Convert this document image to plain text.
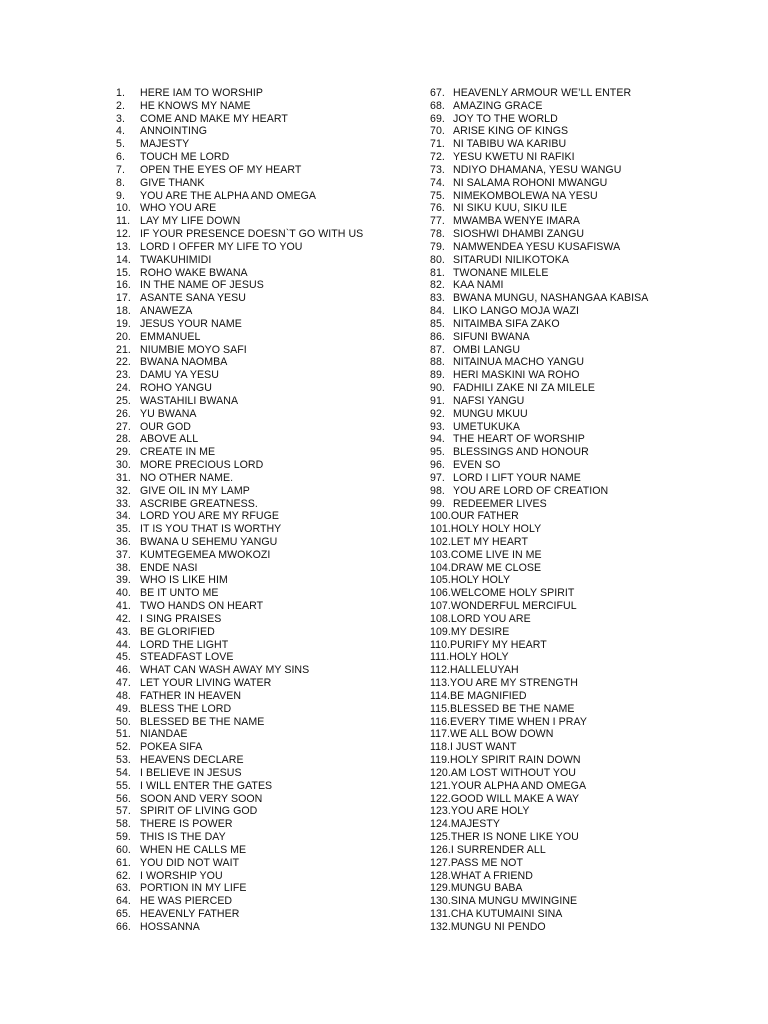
1.	HERE IAM TO WORSHIP
2.	HE KNOWS MY NAME
3.	COME AND MAKE MY HEART
4.	ANNOINTING
5.	MAJESTY
6.	TOUCH ME LORD
7.	OPEN THE EYES OF MY HEART
8.	GIVE THANK
9.	YOU ARE THE ALPHA AND OMEGA
10. WHO YOU ARE
11. LAY MY LIFE DOWN
12. IF YOUR PRESENCE DOESN`T GO WITH US
13. LORD I OFFER MY LIFE TO YOU
14. TWAKUHIMIDI
15. ROHO WAKE BWANA
16. IN THE NAME OF JESUS
17. ASANTE SANA YESU
18. ANAWEZA
19. JESUS YOUR NAME
20. EMMANUEL
21. NIUMBIE MOYO SAFI
22. BWANA NAOMBA
23. DAMU YA YESU
24. ROHO YANGU
25. WASTAHILI BWANA
26. YU BWANA
27. OUR GOD
28. ABOVE ALL
29. CREATE IN ME
30. MORE PRECIOUS LORD
31. NO OTHER NAME.
32. GIVE OIL IN MY LAMP
33. ASCRIBE GREATNESS.
34. LORD YOU ARE MY RFUGE
35. IT IS YOU THAT IS WORTHY
36. BWANA U SEHEMU YANGU
37. KUMTEGEMEA MWOKOZI
38. ENDE NASI
39. WHO IS LIKE HIM
40. BE IT UNTO ME
41. TWO HANDS ON HEART
42. I SING PRAISES
43. BE GLORIFIED
44. LORD THE LIGHT
45. STEADFAST LOVE
46. WHAT CAN WASH AWAY MY SINS
47. LET YOUR LIVING WATER
48. FATHER IN HEAVEN
49. BLESS THE LORD
50. BLESSED BE THE NAME
51. NIANDAE
52. POKEA SIFA
53. HEAVENS DECLARE
54. I BELIEVE IN JESUS
55. I WILL ENTER THE GATES
56. SOON AND VERY SOON
57. SPIRIT OF LIVING GOD
58. THERE IS POWER
59. THIS IS THE DAY
60. WHEN HE CALLS ME
61. YOU DID NOT WAIT
62. I WORSHIP YOU
63. PORTION IN MY LIFE
64. HE WAS PIERCED
65. HEAVENLY FATHER
66. HOSSANNA
67. HEAVENLY ARMOUR WE’LL ENTER
68. AMAZING GRACE
69. JOY TO THE WORLD
70. ARISE KING OF KINGS
71. NI TABIBU WA KARIBU
72. YESU KWETU NI RAFIKI
73. NDIYO DHAMANA, YESU WANGU
74. NI SALAMA ROHONI MWANGU
75. NIMEKOMBOLEWA NA YESU
76. NI SIKU KUU, SIKU ILE
77. MWAMBA WENYE IMARA
78. SIOSHWI DHAMBI ZANGU
79. NAMWENDEA YESU KUSAFISWA
80. SITARUDI NILIKOTOKA
81. TWONANE MILELE
82. KAA NAMI
83. BWANA MUNGU, NASHANGAA KABISA
84. LIKO LANGO MOJA WAZI
85. NITAIMBA SIFA ZAKO
86. SIFUNI BWANA
87. OMBI LANGU
88. NITAINUA MACHO YANGU
89. HERI MASKINI WA ROHO
90. FADHILI ZAKE NI ZA MILELE
91. NAFSI YANGU
92. MUNGU MKUU
93. UMETUKUKA
94. THE HEART OF WORSHIP
95. BLESSINGS AND HONOUR
96. EVEN SO
97. LORD I LIFT YOUR NAME
98. YOU ARE LORD OF CREATION
99. REDEEMER LIVES
100. OUR FATHER
101. HOLY HOLY HOLY
102. LET MY HEART
103. COME LIVE IN ME
104. DRAW ME CLOSE
105. HOLY HOLY
106. WELCOME HOLY SPIRIT
107. WONDERFUL MERCIFUL
108. LORD YOU ARE
109. MY DESIRE
110. PURIFY MY HEART
111. HOLY HOLY
112. HALLELUYAH
113. YOU ARE MY STRENGTH
114. BE MAGNIFIED
115. BLESSED BE THE NAME
116. EVERY TIME WHEN I PRAY
117. WE ALL BOW DOWN
118. I JUST WANT
119. HOLY SPIRIT RAIN DOWN
120. AM LOST WITHOUT YOU
121. YOUR ALPHA AND OMEGA
122. GOOD WILL MAKE A WAY
123. YOU ARE HOLY
124. MAJESTY
125. THER IS NONE LIKE YOU
126. I SURRENDER ALL
127. PASS ME NOT
128. WHAT A FRIEND
129. MUNGU BABA
130. SINA MUNGU MWINGINE
131. CHA KUTUMAINI SINA
132. MUNGU NI PENDO
